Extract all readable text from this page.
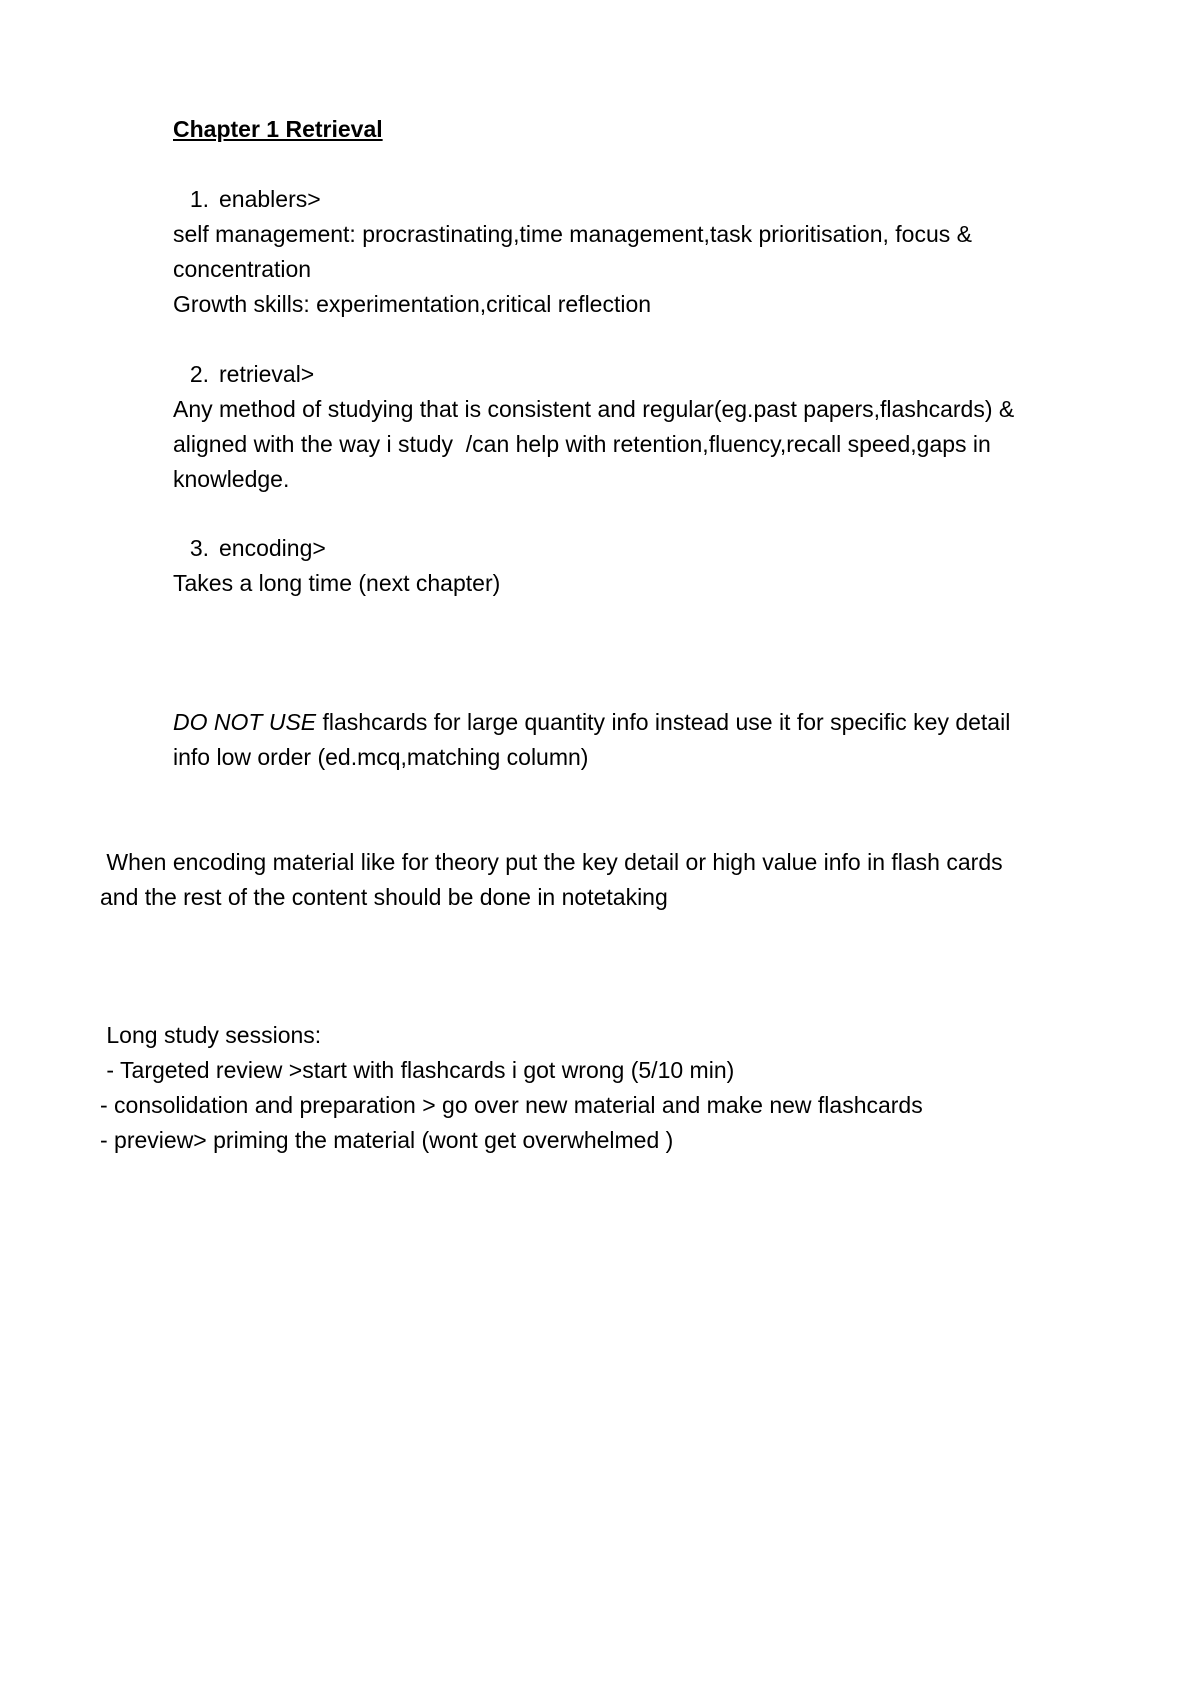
Chapter 1 Retrieval
1. enablers>
self management: procrastinating,time management,task prioritisation, focus &
concentration
Growth skills: experimentation,critical reflection
2. retrieval>
Any method of studying that is consistent and regular(eg.past papers,flashcards) &
aligned with the way i study  /can help with retention,fluency,recall speed,gaps in
knowledge.
3. encoding>
Takes a long time (next chapter)
DO NOT USE flashcards for large quantity info instead use it for specific key detail
info low order (ed.mcq,matching column)
When encoding material like for theory put the key detail or high value info in flash cards
and the rest of the content should be done in notetaking
Long study sessions:
- Targeted review >start with flashcards i got wrong (5/10 min)
- consolidation and preparation > go over new material and make new flashcards
- preview> priming the material (wont get overwhelmed )
